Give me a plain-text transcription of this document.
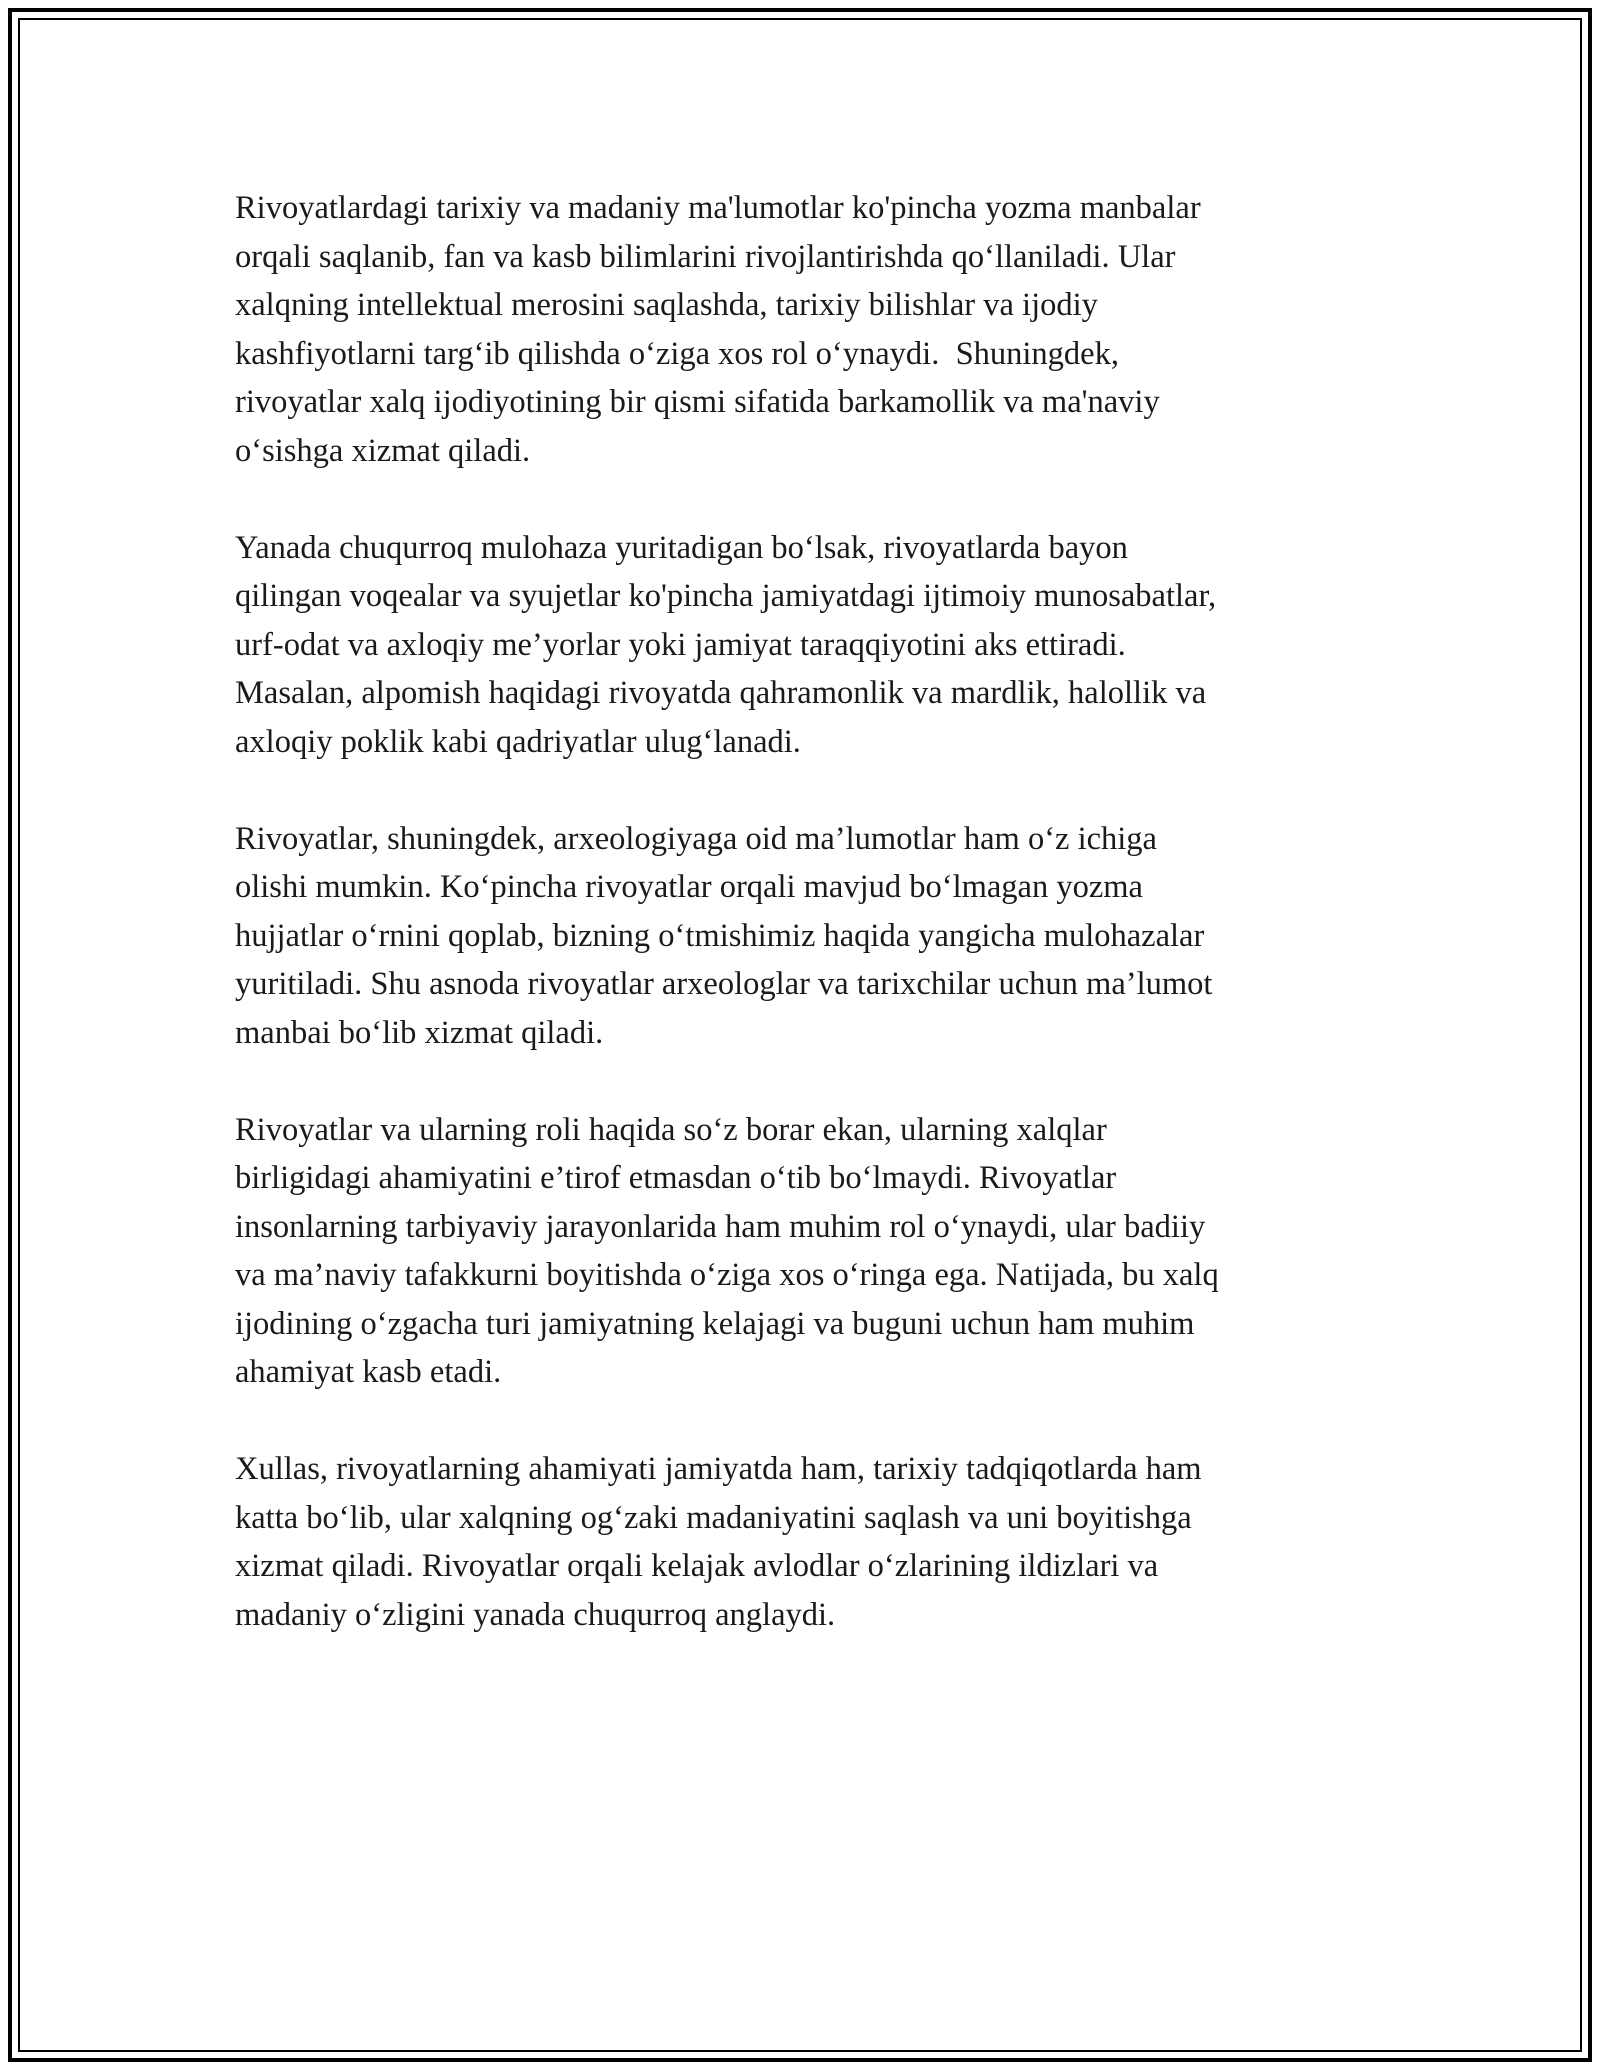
Rivoyatlardagi tarixiy va madaniy ma'lumotlar ko'pincha yozma manbalar
orqali saqlanib, fan va kasb bilimlarini rivojlantirishda qo‘llaniladi. Ular
xalqning intellektual merosini saqlashda, tarixiy bilishlar va ijodiy
kashfiyotlarni targ‘ib qilishda o‘ziga xos rol o‘ynaydi.  Shuningdek,
rivoyatlar xalq ijodiyotining bir qismi sifatida barkamollik va ma'naviy
o‘sishga xizmat qiladi.

Yanada chuqurroq mulohaza yuritadigan bo‘lsak, rivoyatlarda bayon
qilingan voqealar va syujetlar ko'pincha jamiyatdagi ijtimoiy munosabatlar,
urf-odat va axloqiy me’yorlar yoki jamiyat taraqqiyotini aks ettiradi.
Masalan, alpomish haqidagi rivoyatda qahramonlik va mardlik, halollik va
axloqiy poklik kabi qadriyatlar ulug‘lanadi.

Rivoyatlar, shuningdek, arxeologiyaga oid ma’lumotlar ham o‘z ichiga
olishi mumkin. Ko‘pincha rivoyatlar orqali mavjud bo‘lmagan yozma
hujjatlar o‘rnini qoplab, bizning o‘tmishimiz haqida yangicha mulohazalar
yuritiladi. Shu asnoda rivoyatlar arxeologlar va tarixchilar uchun ma’lumot
manbai bo‘lib xizmat qiladi.

Rivoyatlar va ularning roli haqida so‘z borar ekan, ularning xalqlar
birligidagi ahamiyatini e’tirof etmasdan o‘tib bo‘lmaydi. Rivoyatlar
insonlarning tarbiyaviy jarayonlarida ham muhim rol o‘ynaydi, ular badiiy
va ma’naviy tafakkurni boyitishda o‘ziga xos o‘ringa ega. Natijada, bu xalq
ijodining o‘zgacha turi jamiyatning kelajagi va buguni uchun ham muhim
ahamiyat kasb etadi.

Xullas, rivoyatlarning ahamiyati jamiyatda ham, tarixiy tadqiqotlarda ham
katta bo‘lib, ular xalqning og‘zaki madaniyatini saqlash va uni boyitishga
xizmat qiladi. Rivoyatlar orqali kelajak avlodlar o‘zlarining ildizlari va
madaniy o‘zligini yanada chuqurroq anglaydi.
